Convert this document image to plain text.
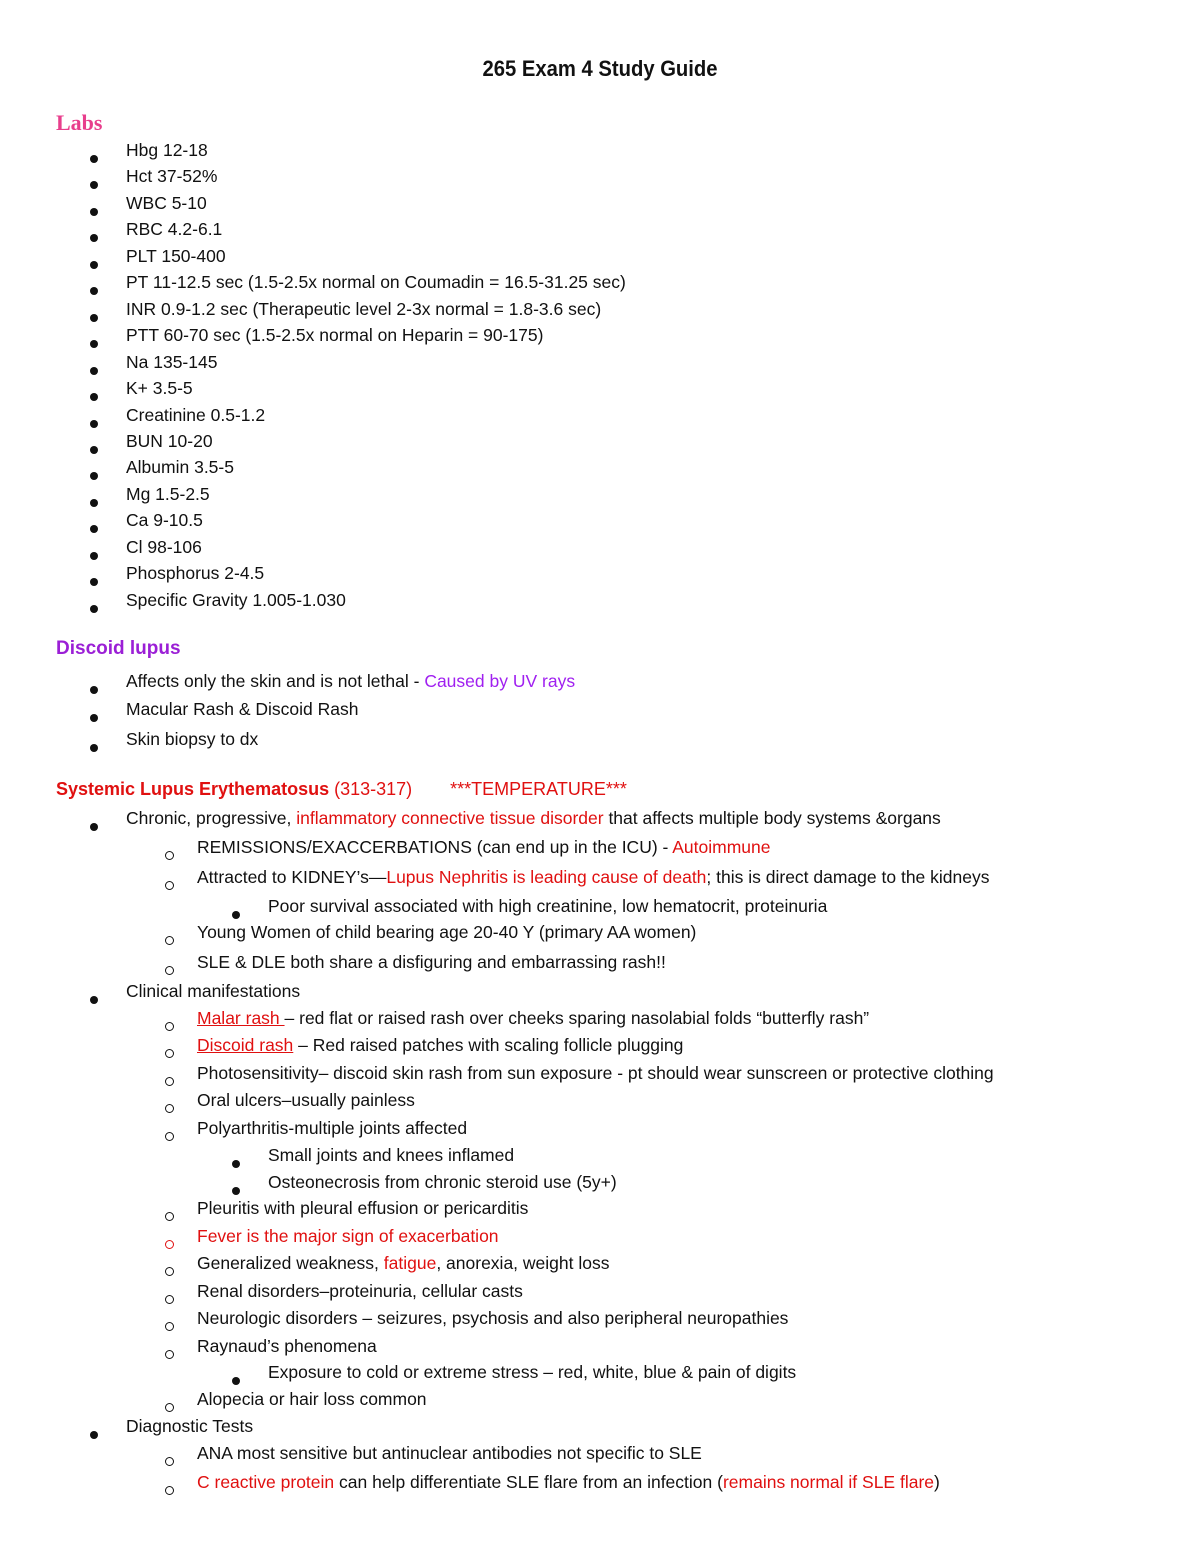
265 Exam 4 Study Guide
Labs
Hbg 12-18
Hct 37-52%
WBC 5-10
RBC 4.2-6.1
PLT 150-400
PT 11-12.5 sec (1.5-2.5x normal on Coumadin = 16.5-31.25 sec)
INR 0.9-1.2 sec (Therapeutic level 2-3x normal = 1.8-3.6 sec)
PTT 60-70 sec (1.5-2.5x normal on Heparin = 90-175)
Na 135-145
K+ 3.5-5
Creatinine 0.5-1.2
BUN 10-20
Albumin 3.5-5
Mg 1.5-2.5
Ca 9-10.5
Cl 98-106
Phosphorus 2-4.5
Specific Gravity 1.005-1.030
Discoid lupus
Affects only the skin and is not lethal - Caused by UV rays
Macular Rash & Discoid Rash
Skin biopsy to dx
Systemic Lupus Erythematosus (313-317) ***TEMPERATURE***
Chronic, progressive, inflammatory connective tissue disorder that affects multiple body systems &organs
REMISSIONS/EXACCERBATIONS (can end up in the ICU) - Autoimmune
Attracted to KIDNEY’s—Lupus Nephritis is leading cause of death; this is direct damage to the kidneys
Poor survival associated with high creatinine, low hematocrit, proteinuria
Young Women of child bearing age 20-40 Y (primary AA women)
SLE & DLE both share a disfiguring and embarrassing rash!!
Clinical manifestations
Malar rash – red flat or raised rash over cheeks sparing nasolabial folds “butterfly rash”
Discoid rash – Red raised patches with scaling follicle plugging
Photosensitivity– discoid skin rash from sun exposure - pt should wear sunscreen or protective clothing
Oral ulcers–usually painless
Polyarthritis-multiple joints affected
Small joints and knees inflamed
Osteonecrosis from chronic steroid use (5y+)
Pleuritis with pleural effusion or pericarditis
Fever is the major sign of exacerbation
Generalized weakness, fatigue, anorexia, weight loss
Renal disorders–proteinuria, cellular casts
Neurologic disorders – seizures, psychosis and also peripheral neuropathies
Raynaud’s phenomena
Exposure to cold or extreme stress – red, white, blue & pain of digits
Alopecia or hair loss common
Diagnostic Tests
ANA most sensitive but antinuclear antibodies not specific to SLE
C reactive protein can help differentiate SLE flare from an infection (remains normal if SLE flare)
